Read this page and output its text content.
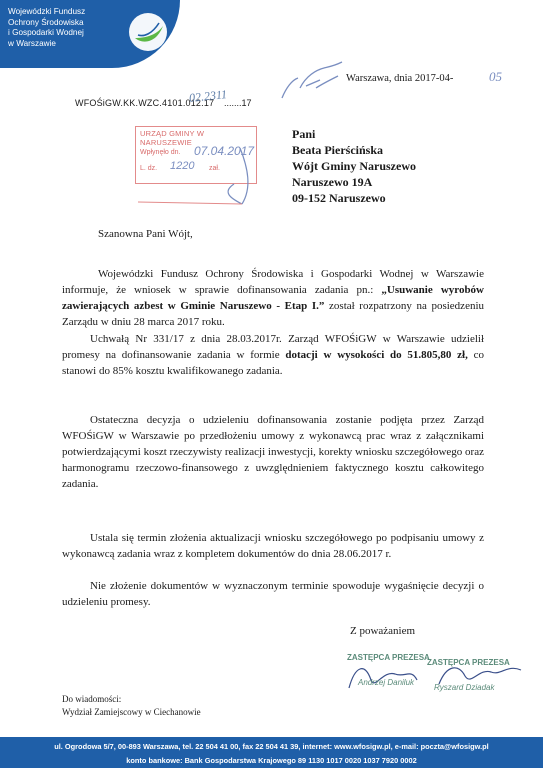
Wojewódzki Fundusz
Ochrony Środowiska
i Gospodarki Wodnej
w Warszawie
WFOŚiGW.KK.WZC.4101.012.17
02.2311
.......17
Warszawa, dnia 2017-04-	05
URZĄD GMINY W NARUSZEWIE
Wpłynęło dn. 07.04.2017
L. dz.	zał.
1220
Pani
Beata Pierścińska
Wójt Gminy Naruszewo
Naruszewo 19A
09-152 Naruszewo
Szanowna Pani Wójt,
Wojewódzki Fundusz Ochrony Środowiska i Gospodarki Wodnej w Warszawie informuje, że wniosek w sprawie dofinansowania zadania pn.: „Usuwanie wyrobów zawierających azbest w Gminie Naruszewo - Etap I.” został rozpatrzony na posiedzeniu Zarządu w dniu 28 marca 2017 roku.
Uchwałą Nr 331/17 z dnia 28.03.2017r. Zarząd WFOŚiGW w Warszawie udzielił promesy na dofinansowanie zadania w formie dotacji w wysokości do 51.805,80 zł, co stanowi do 85% kosztu kwalifikowanego zadania.
Ostateczna decyzja o udzieleniu dofinansowania zostanie podjęta przez Zarząd WFOŚiGW w Warszawie po przedłożeniu umowy z wykonawcą prac wraz z załącznikami potwierdzającymi koszt rzeczywisty realizacji inwestycji, korekty wniosku szczegółowego oraz harmonogramu rzeczowo-finansowego z uwzględnieniem faktycznego kosztu całkowitego zadania.
Ustala się termin złożenia aktualizacji wniosku szczegółowego po podpisaniu umowy z wykonawcą zadania wraz z kompletem dokumentów do dnia 28.06.2017 r.
Nie złożenie dokumentów w wyznaczonym terminie spowoduje wygaśnięcie decyzji o udzieleniu promesy.
Z poważaniem
ZASTĘPCA PREZESA
Andrzej Daniluk
ZASTĘPCA PREZESA
Ryszard Dziadak
Do wiadomości:
Wydział Zamiejscowy w Ciechanowie
ul. Ogrodowa 5/7, 00-893 Warszawa, tel. 22 504 41 00, fax 22 504 41 39, internet: www.wfosigw.pl, e-mail: poczta@wfosigw.pl
konto bankowe: Bank Gospodarstwa Krajowego 89 1130 1017 0020 1037 7920 0002
